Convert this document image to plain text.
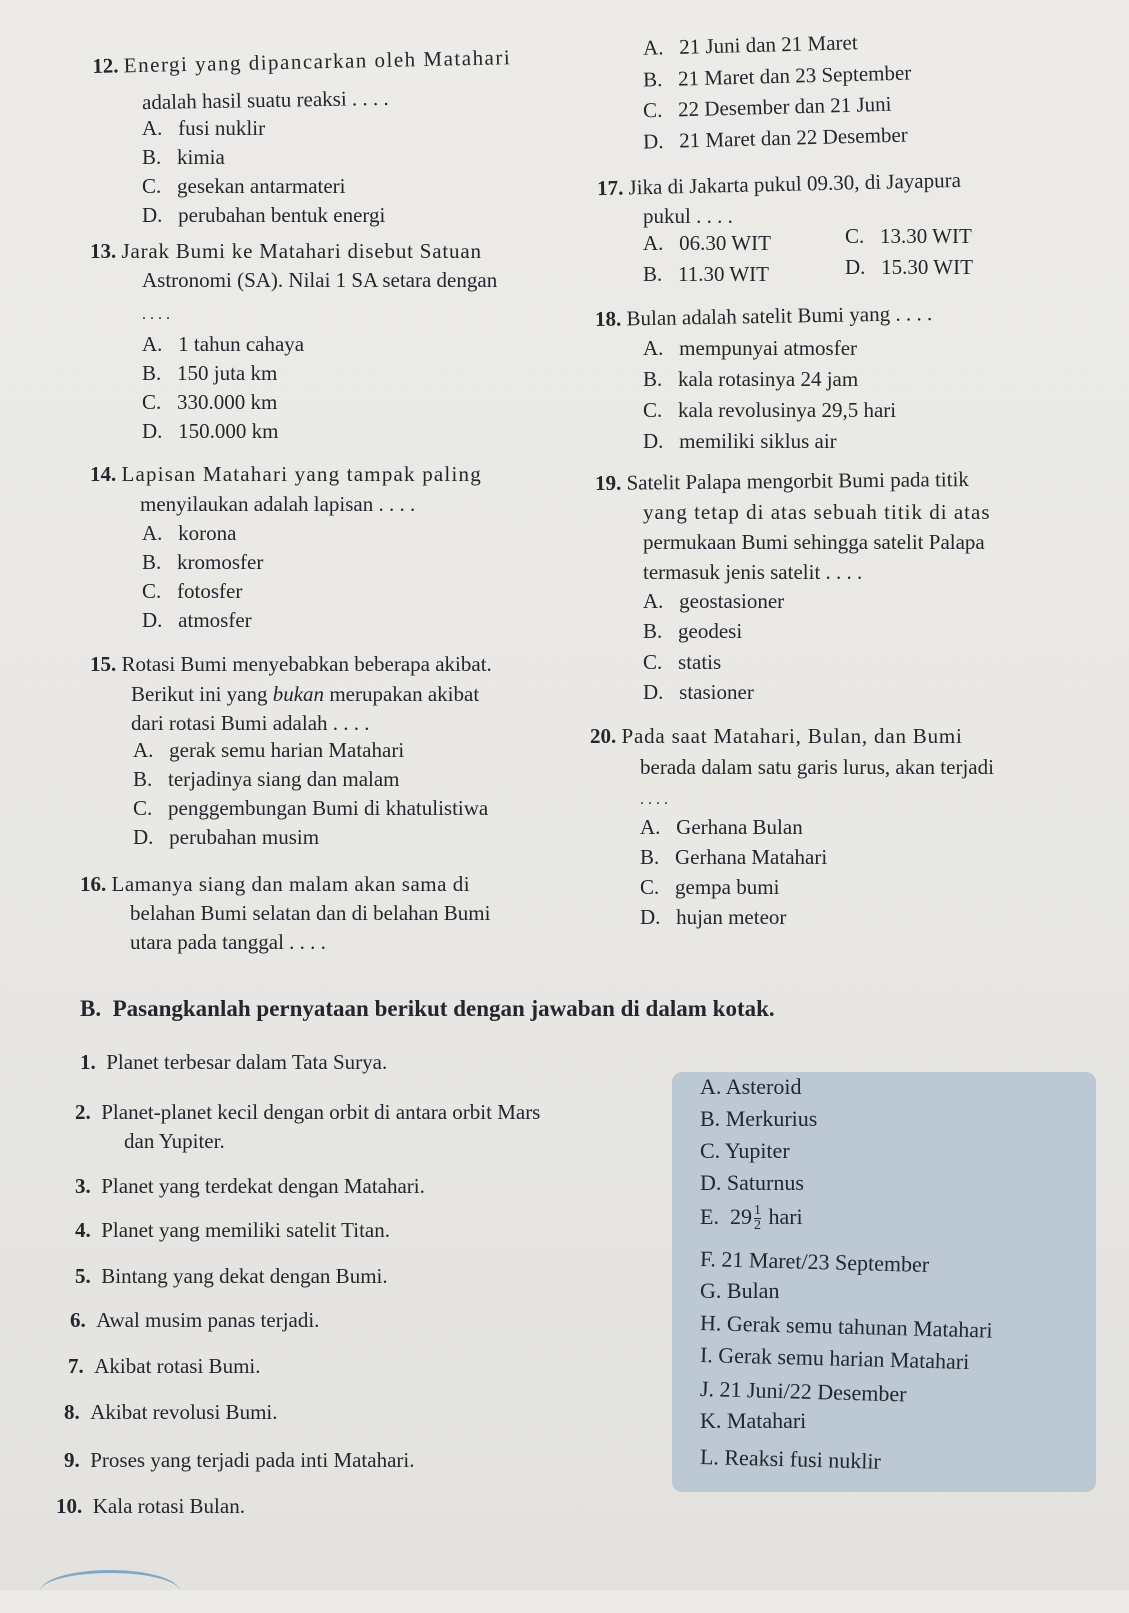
12. Energi yang dipancarkan oleh Matahari
adalah hasil suatu reaksi . . . .
A. fusi nuklir
B. kimia
C. gesekan antarmateri
D. perubahan bentuk energi
13. Jarak Bumi ke Matahari disebut Satuan
Astronomi (SA). Nilai 1 SA setara dengan
. . . .
A. 1 tahun cahaya
B. 150 juta km
C. 330.000 km
D. 150.000 km
14. Lapisan Matahari yang tampak paling
menyilaukan adalah lapisan . . . .
A. korona
B. kromosfer
C. fotosfer
D. atmosfer
15. Rotasi Bumi menyebabkan beberapa akibat.
Berikut ini yang bukan merupakan akibat
dari rotasi Bumi adalah . . . .
A. gerak semu harian Matahari
B. terjadinya siang dan malam
C. penggembungan Bumi di khatulistiwa
D. perubahan musim
16. Lamanya siang dan malam akan sama di
belahan Bumi selatan dan di belahan Bumi
utara pada tanggal . . . .
A. 21 Juni dan 21 Maret
B. 21 Maret dan 23 September
C. 22 Desember dan 21 Juni
D. 21 Maret dan 22 Desember
17. Jika di Jakarta pukul 09.30, di Jayapura
pukul . . . .
A. 06.30 WIT	C. 13.30 WIT
B. 11.30 WIT	D. 15.30 WIT
18. Bulan adalah satelit Bumi yang . . . .
A. mempunyai atmosfer
B. kala rotasinya 24 jam
C. kala revolusinya 29,5 hari
D. memiliki siklus air
19. Satelit Palapa mengorbit Bumi pada titik
yang tetap di atas sebuah titik di atas
permukaan Bumi sehingga satelit Palapa
termasuk jenis satelit . . . .
A. geostasioner
B. geodesi
C. statis
D. stasioner
20. Pada saat Matahari, Bulan, dan Bumi
berada dalam satu garis lurus, akan terjadi
. . . .
A. Gerhana Bulan
B. Gerhana Matahari
C. gempa bumi
D. hujan meteor
B. Pasangkanlah pernyataan berikut dengan jawaban di dalam kotak.
1. Planet terbesar dalam Tata Surya.
2. Planet-planet kecil dengan orbit di antara orbit Mars
dan Yupiter.
3. Planet yang terdekat dengan Matahari.
4. Planet yang memiliki satelit Titan.
5. Bintang yang dekat dengan Bumi.
6. Awal musim panas terjadi.
7. Akibat rotasi Bumi.
8. Akibat revolusi Bumi.
9. Proses yang terjadi pada inti Matahari.
10. Kala rotasi Bulan.
A. Asteroid
B. Merkurius
C. Yupiter
D. Saturnus
E. $29 \frac{1}{2}$ hari
F. 21 Maret/23 September
G. Bulan
H. Gerak semu tahunan Matahari
I. Gerak semu harian Matahari
J. 21 Juni/22 Desember
K. Matahari
L. Reaksi fusi nuklir
